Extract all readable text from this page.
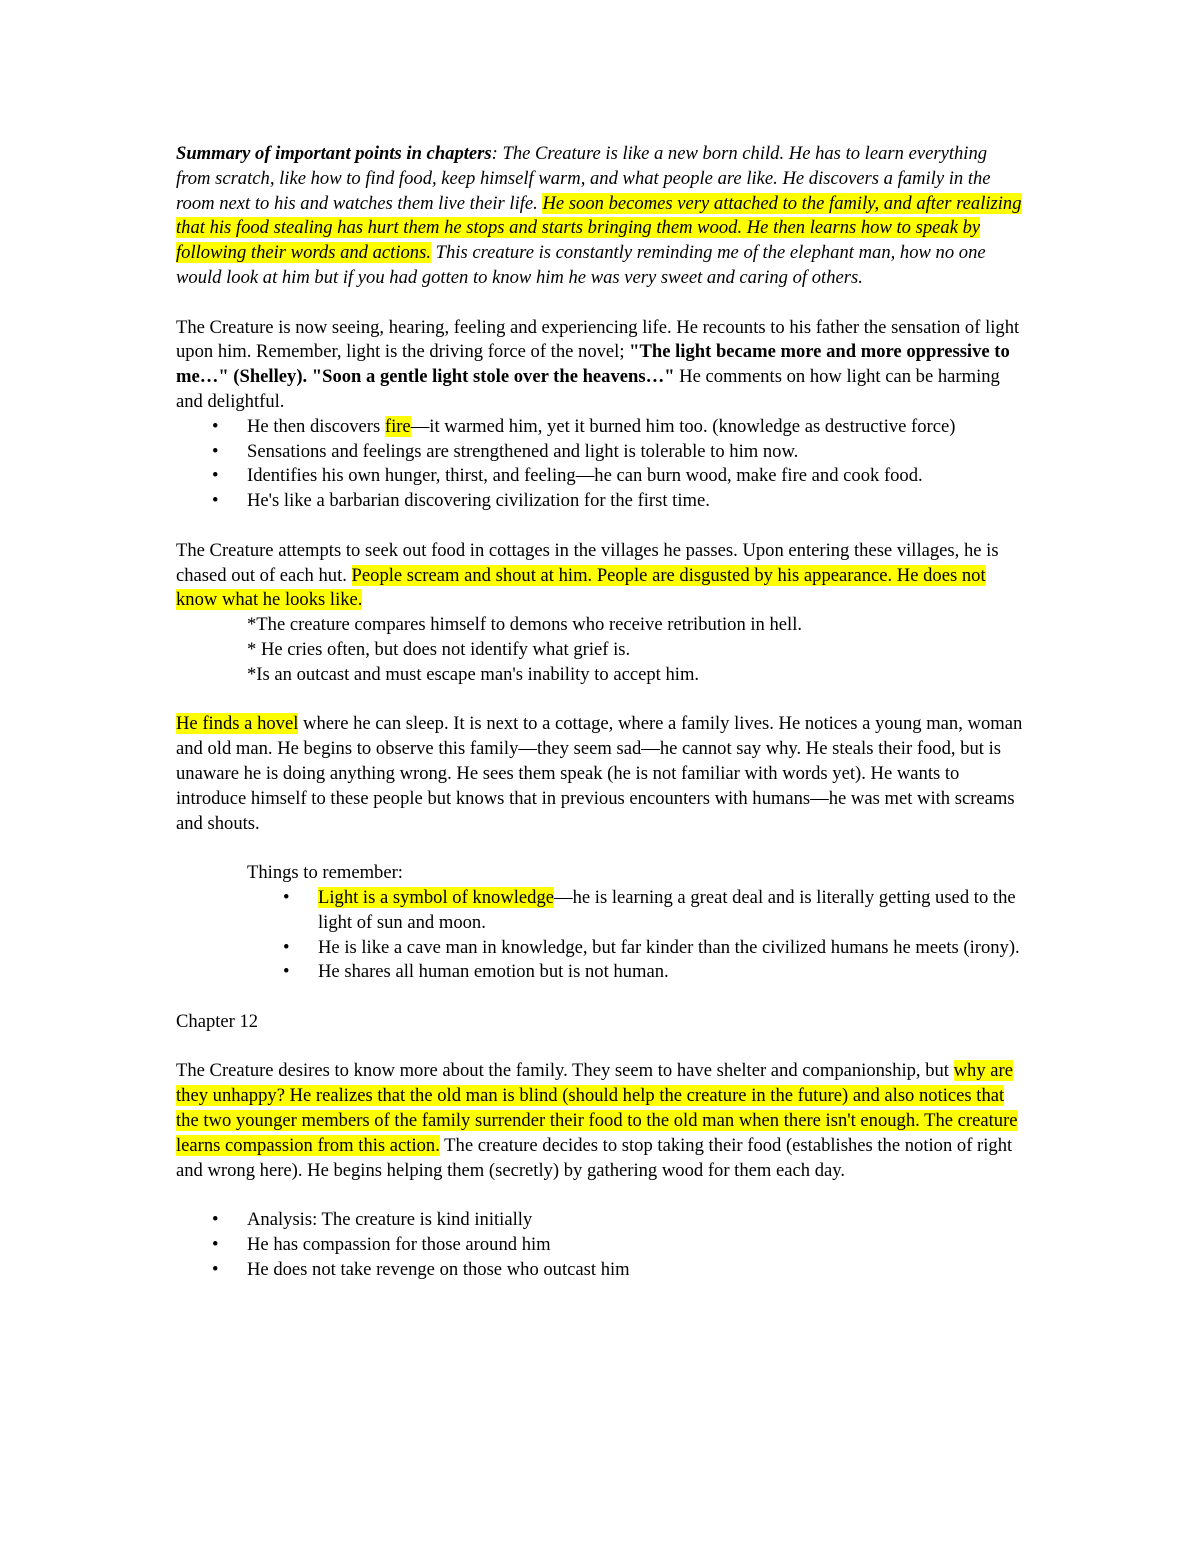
Summary of important points in chapters: The Creature is like a new born child. He has to learn everything from scratch, like how to find food, keep himself warm, and what people are like. He discovers a family in the room next to his and watches them live their life. He soon becomes very attached to the family, and after realizing that his food stealing has hurt them he stops and starts bringing them wood. He then learns how to speak by following their words and actions. This creature is constantly reminding me of the elephant man, how no one would look at him but if you had gotten to know him he was very sweet and caring of others.

The Creature is now seeing, hearing, feeling and experiencing life. He recounts to his father the sensation of light upon him. Remember, light is the driving force of the novel; "The light became more and more oppressive to me…" (Shelley). "Soon a gentle light stole over the heavens…" He comments on how light can be harming and delightful.

• He then discovers fire—it warmed him, yet it burned him too. (knowledge as destructive force)
• Sensations and feelings are strengthened and light is tolerable to him now.
• Identifies his own hunger, thirst, and feeling—he can burn wood, make fire and cook food.
• He's like a barbarian discovering civilization for the first time.

The Creature attempts to seek out food in cottages in the villages he passes. Upon entering these villages, he is chased out of each hut. People scream and shout at him. People are disgusted by his appearance. He does not know what he looks like.

*The creature compares himself to demons who receive retribution in hell.

* He cries often, but does not identify what grief is.

*Is an outcast and must escape man's inability to accept him.

He finds a hovel where he can sleep. It is next to a cottage, where a family lives. He notices a young man, woman and old man. He begins to observe this family—they seem sad—he cannot say why. He steals their food, but is unaware he is doing anything wrong. He sees them speak (he is not familiar with words yet). He wants to introduce himself to these people but knows that in previous encounters with humans—he was met with screams and shouts.

Things to remember:

• Light is a symbol of knowledge—he is learning a great deal and is literally getting used to the light of sun and moon.
• He is like a cave man in knowledge, but far kinder than the civilized humans he meets (irony).
• He shares all human emotion but is not human.

Chapter 12

The Creature desires to know more about the family. They seem to have shelter and companionship, but why are they unhappy? He realizes that the old man is blind (should help the creature in the future) and also notices that the two younger members of the family surrender their food to the old man when there isn't enough. The creature learns compassion from this action. The creature decides to stop taking their food (establishes the notion of right and wrong here). He begins helping them (secretly) by gathering wood for them each day.

• Analysis: The creature is kind initially
• He has compassion for those around him
• He does not take revenge on those who outcast him
